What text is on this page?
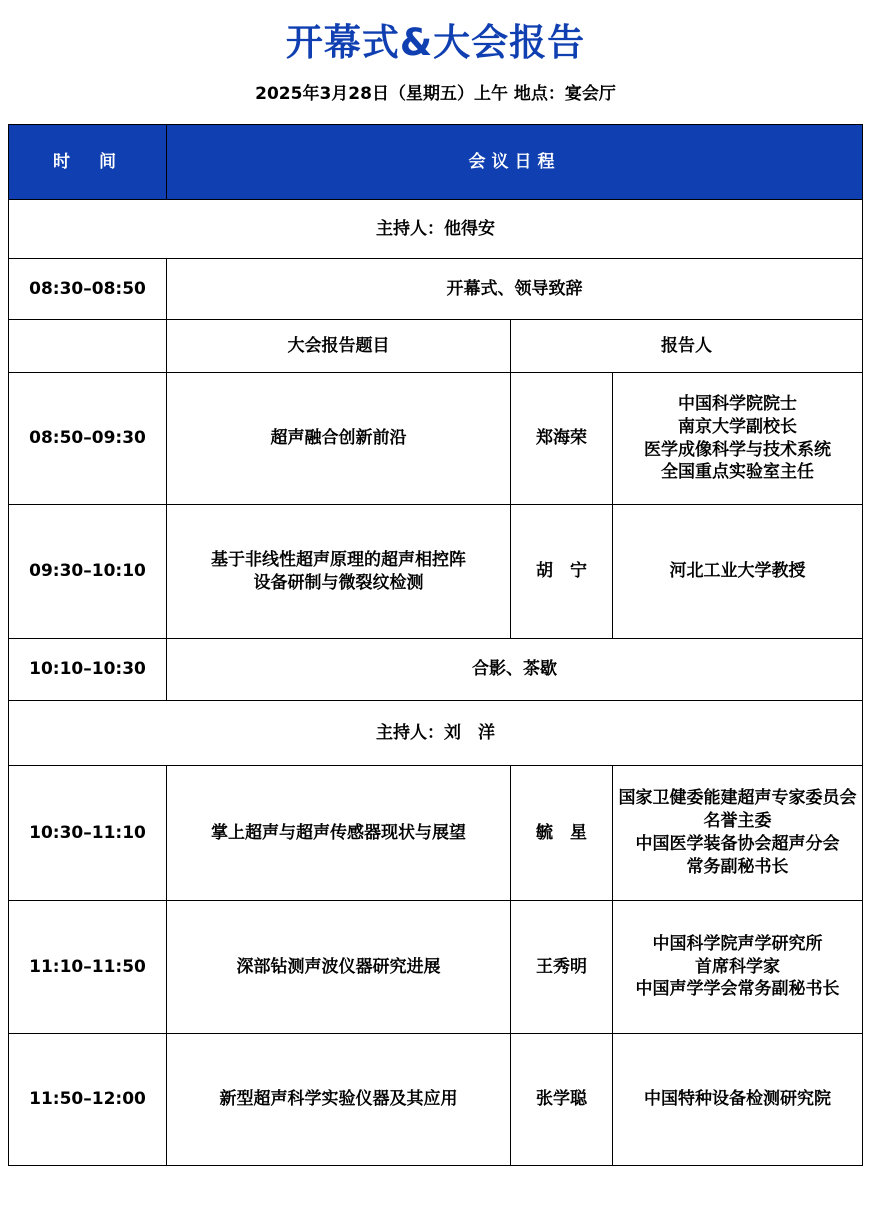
开幕式&大会报告
2025年3月28日（星期五）上午 地点：宴会厅
时　间	会议日程		
主持人：他得安			
08:30–08:50	开幕式、领导致辞		
	大会报告题目	报告人	
08:50–09:30	超声融合创新前沿	郑海荣	中国科学院院士
南京大学副校长
医学成像科学与技术系统
全国重点实验室主任

09:30–10:10	基于非线性超声原理的超声相控阵
设备研制与微裂纹检测	胡　宁	河北工业大学教授

10:10–10:30	合影、茶歇		
主持人：刘　洋			
10:30–11:10	掌上超声与超声传感器现状与展望	毓　星	国家卫健委能建超声专家委员会
名誉主委
中国医学装备协会超声分会
常务副秘书长

11:10–11:50	深部钻测声波仪器研究进展	王秀明	中国科学院声学研究所
首席科学家
中国声学学会常务副秘书长

11:50–12:00	新型超声科学实验仪器及其应用	张学聪	中国特种设备检测研究院
